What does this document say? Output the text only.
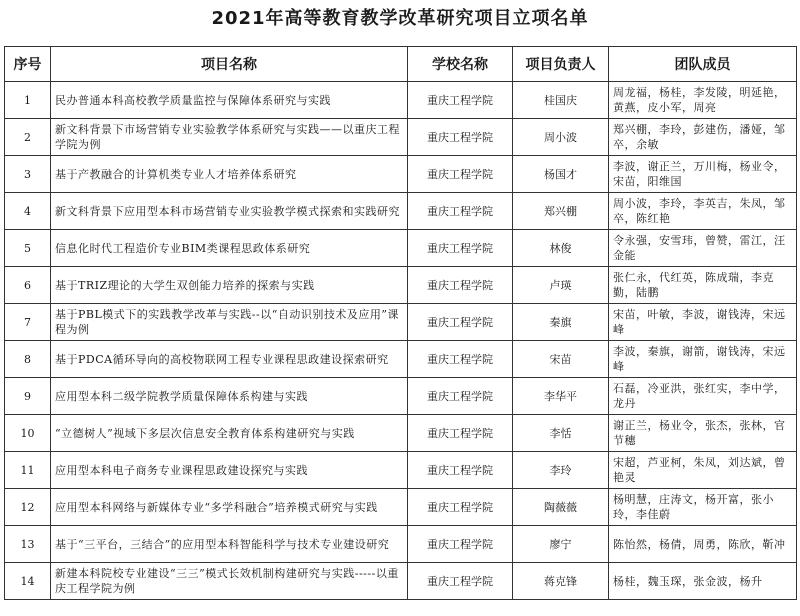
2021年高等教育教学改革研究项目立项名单
序号	项目名称	学校名称	项目负责人	团队成员
1	民办普通本科高校教学质量监控与保障体系研究与实践	重庆工程学院	桂国庆	周龙福，杨桂，李发陵，明延艳，黄燕，皮小军，周亮
2	新文科背景下市场营销专业实验教学体系研究与实践——以重庆工程学院为例	重庆工程学院	周小波	郑兴棚，李玲，彭建伤，潘娅，邹卒，余敏
3	基于产教融合的计算机类专业人才培养体系研究	重庆工程学院	杨国才	李波，谢正兰，万川梅，杨业令，宋苗，阳维国
4	新文科背景下应用型本科市场营销专业实验教学模式探索和实践研究	重庆工程学院	郑兴棚	周小波，李玲，李英吉，朱凤，邹卒，陈红艳
5	信息化时代工程造价专业BIM类课程思政体系研究	重庆工程学院	林俊	令永强，安雪玮，曾赞，雷江，汪金能
6	基于TRIZ理论的大学生双创能力培养的探索与实践	重庆工程学院	卢瑛	张仁永，代红英，陈成瑞，李克勤，陆鹏
7	基于PBL模式下的实践教学改革与实践--以“自动识别技术及应用”课程为例	重庆工程学院	秦旗	宋苗，叶敏，李波，谢钱涛，宋远峰
8	基于PDCA循环导向的高校物联网工程专业课程思政建设探索研究	重庆工程学院	宋苗	李波，秦旗，谢箭，谢钱涛，宋远峰
9	应用型本科二级学院教学质量保障体系构建与实践	重庆工程学院	李华平	石磊，冷亚洪，张红实，李中学，龙丹
10	“立德树人”视域下多层次信息安全教育体系构建研究与实践	重庆工程学院	李恬	谢正兰，杨业令，张杰，张林，官节穗
11	应用型本科电子商务专业课程思政建设探究与实践	重庆工程学院	李玲	宋超，芦亚柯，朱凤，刘达斌，曾艳灵
12	应用型本科网络与新媒体专业“多学科融合”培养模式研究与实践	重庆工程学院	陶薇薇	杨明慧，庄涛文，杨开富，张小玲，李佳蔚
13	基于“三平台，三结合”的应用型本科智能科学与技术专业建设研究	重庆工程学院	廖宁	陈怡然，杨倩，周勇，陈欣，靳冲
14	新建本科院校专业建设“三三”模式长效机制构建研究与实践-----以重庆工程学院为例	重庆工程学院	蒋克锋	杨桂，魏玉琛，张金波，杨升
